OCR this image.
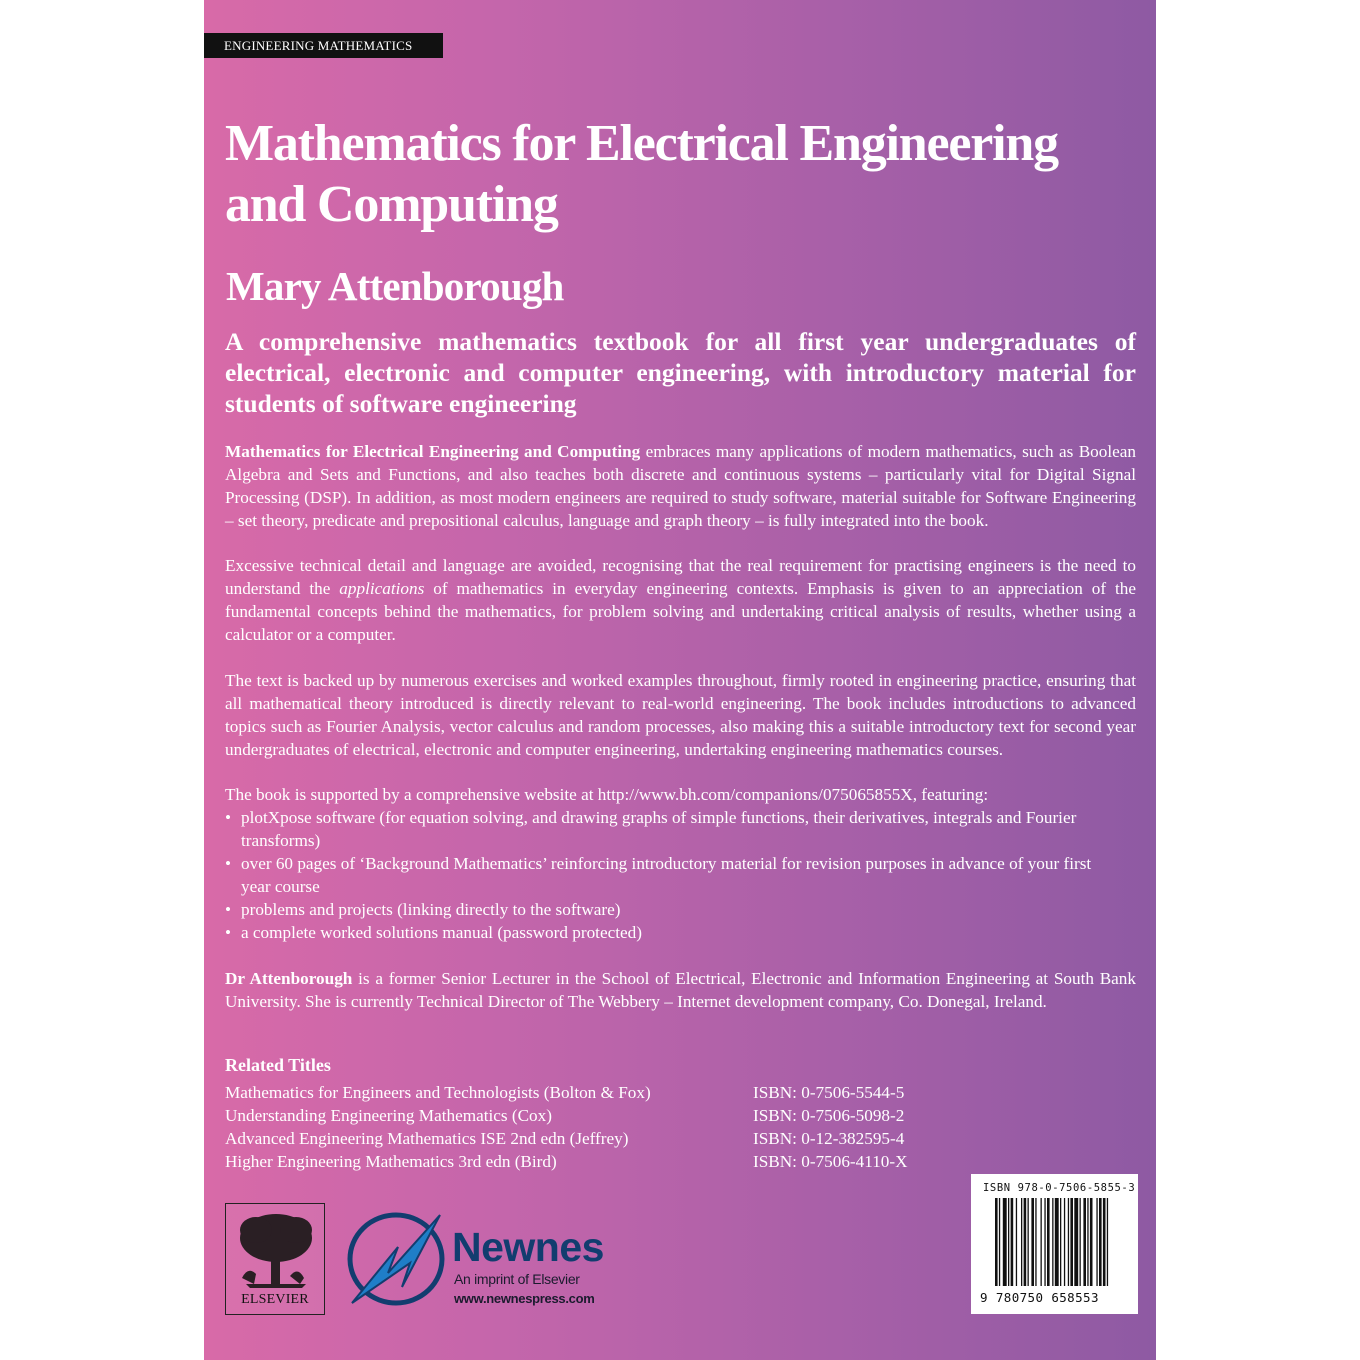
ENGINEERING MATHEMATICS
Mathematics for Electrical Engineering and Computing
Mary Attenborough

A comprehensive mathematics textbook for all first year undergraduates of electrical, electronic and computer engineering, with introductory material for students of software engineering

Mathematics for Electrical Engineering and Computing embraces many applications of modern mathematics, such as Boolean Algebra and Sets and Functions, and also teaches both discrete and continuous systems – particularly vital for Digital Signal Processing (DSP). In addition, as most modern engineers are required to study software, material suitable for Software Engineering – set theory, predicate and prepositional calculus, language and graph theory – is fully integrated into the book.

Excessive technical detail and language are avoided, recognising that the real requirement for practising engineers is the need to understand the applications of mathematics in everyday engineering contexts. Emphasis is given to an appreciation of the fundamental concepts behind the mathematics, for problem solving and undertaking critical analysis of results, whether using a calculator or a computer.

The text is backed up by numerous exercises and worked examples throughout, firmly rooted in engineering practice, ensuring that all mathematical theory introduced is directly relevant to real-world engineering. The book includes introductions to advanced topics such as Fourier Analysis, vector calculus and random processes, also making this a suitable introductory text for second year undergraduates of electrical, electronic and computer engineering, undertaking engineering mathematics courses.

The book is supported by a comprehensive website at http://www.bh.com/companions/075065855X, featuring:

• plotXpose software (for equation solving, and drawing graphs of simple functions, their derivatives, integrals and Fourier transforms)
• over 60 pages of ‘Background Mathematics’ reinforcing introductory material for revision purposes in advance of your first year course
• problems and projects (linking directly to the software)
• a complete worked solutions manual (password protected)

Dr Attenborough is a former Senior Lecturer in the School of Electrical, Electronic and Information Engineering at South Bank University. She is currently Technical Director of The Webbery – Internet development company, Co. Donegal, Ireland.

Related Titles

Mathematics for Engineers and Technologists (Bolton & Fox)	ISBN: 0-7506-5544-5
Understanding Engineering Mathematics (Cox)	ISBN: 0-7506-5098-2
Advanced Engineering Mathematics ISE 2nd edn (Jeffrey)	ISBN: 0-12-382595-4
Higher Engineering Mathematics 3rd edn (Bird)	ISBN: 0-7506-4110-X
ISBN 978-0-7506-5855-3
9 780750 658553
ELSEVIER
Newnes
An imprint of Elsevier
www.newnespress.com
